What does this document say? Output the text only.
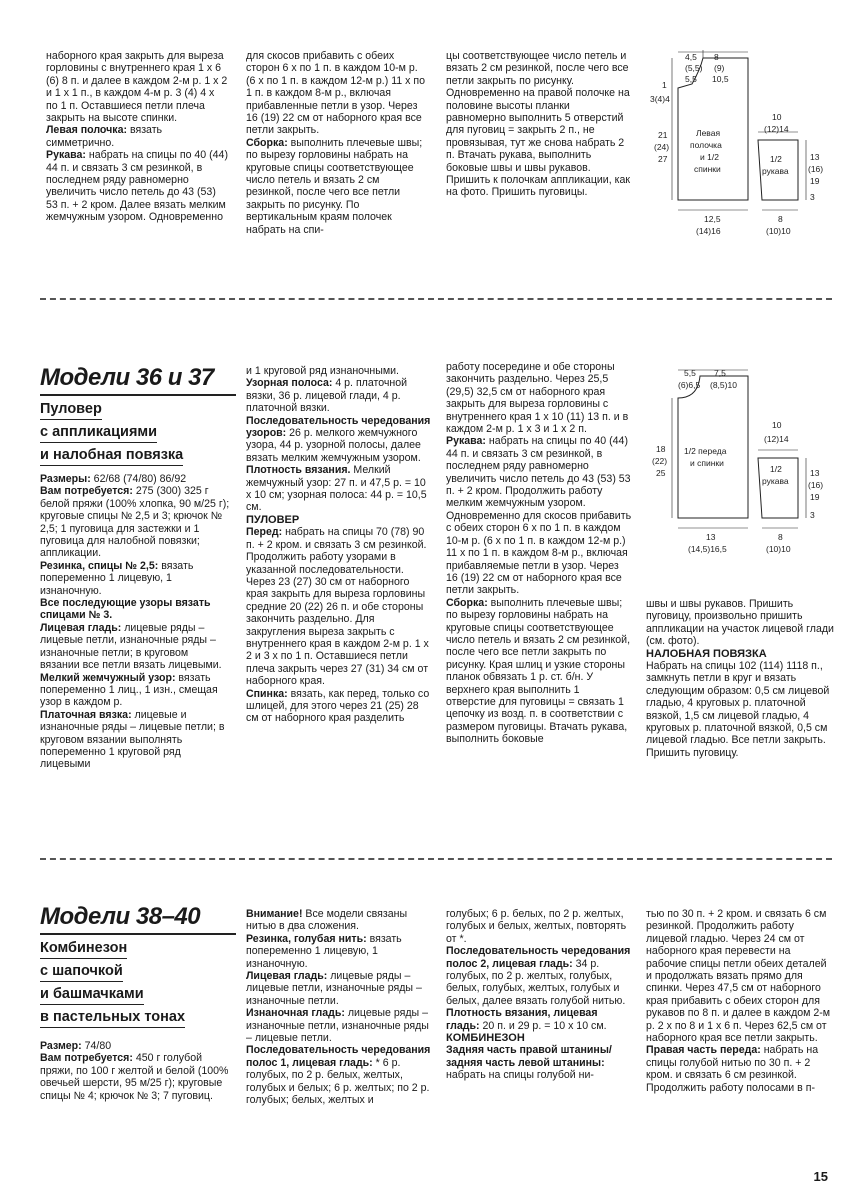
наборного края закрыть для выреза горловины с внутреннего края 1 х 6 (6) 8 п. и далее в каждом 2-м р. 1 х 2 и 1 х 1 п., в каждом 4-м р. 3 (4) 4 х по 1 п. Оставшиеся петли плеча закрыть на высоте спинки.

Левая полочка: вязать симметрично.

Рукава: набрать на спицы по 40 (44) 44 п. и связать 3 см резинкой, в последнем ряду равномерно увеличить число петель до 43 (53) 53 п. + 2 кром. Далее вязать мелким жемчужным узором. Одновременно

для скосов прибавить с обеих сторон 6 х по 1 п. в каждом 10-м р. (6 х по 1 п. в каждом 12-м р.) 11 х по 1 п. в каждом 8-м р., включая прибавленные петли в узор. Через 16 (19) 22 см от наборного края все петли закрыть.

Сборка: выполнить плечевые швы; по вырезу горловины набрать на круговые спицы соответствующее число петель и вязать 2 см резинкой, после чего все петли закрыть по рисунку. По вертикальным краям полочек набрать на спи-

цы соответствующее число петель и вязать 2 см резинкой, после чего все петли закрыть по рисунку. Одновременно на правой полочке на половине высоты планки равномерно выполнить 5 отверстий для пуговиц = закрыть 2 п., не провязывая, тут же снова набрать 2 п. Втачать рукава, выполнить боковые швы и швы рукавов. Пришить к полочкам аппликации, как на фото. Пришить пуговицы.

4,5 8
(5,5) (9)
5,5 10,5
1
3(4)4
21
(24)
27
12,5
(14)16
Левая
полочка
и 1/2
спинки
10
(12)14
1/2
рукава
13
(16)
19
3
8
(10)10
Модели 36 и 37
Пуловер
с аппликациями
и налобная повязка

Размеры: 62/68 (74/80) 86/92

Вам потребуется: 275 (300) 325 г белой пряжи (100% хлопка, 90 м/25 г); круговые спицы № 2,5 и 3; крючок № 2,5; 1 пуговица для застежки и 1 пуговица для налобной повязки; аппликации.

Резинка, спицы № 2,5: вязать попеременно 1 лицевую, 1 изнаночную.

Все последующие узоры вязать спицами № 3.

Лицевая гладь: лицевые ряды – лицевые петли, изнаночные ряды – изнаночные петли; в круговом вязании все петли вязать лицевыми.

Мелкий жемчужный узор: вязать попеременно 1 лиц., 1 изн., смещая узор в каждом р.

Платочная вязка: лицевые и изнаночные ряды – лицевые петли; в круговом вязании выполнять попеременно 1 круговой ряд лицевыми

и 1 круговой ряд изнаночными.

Узорная полоса: 4 р. платочной вязки, 36 р. лицевой глади, 4 р. платочной вязки.

Последовательность чередования узоров: 26 р. мелкого жемчужного узора, 44 р. узорной полосы, далее вязать мелким жемчужным узором.

Плотность вязания. Мелкий жемчужный узор: 27 п. и 47,5 р. = 10 х 10 см; узорная полоса: 44 р. = 10,5 см.

ПУЛОВЕР

Перед: набрать на спицы 70 (78) 90 п. + 2 кром. и связать 3 см резинкой. Продолжить работу узорами в указанной последовательности. Через 23 (27) 30 см от наборного края закрыть для выреза горловины средние 20 (22) 26 п. и обе стороны закончить раздельно. Для закругления выреза закрыть с внутреннего края в каждом 2-м р. 1 х 2 и 3 х по 1 п. Оставшиеся петли плеча закрыть через 27 (31) 34 см от наборного края.

Спинка: вязать, как перед, только со шлицей, для этого через 21 (25) 28 см от наборного края разделить

работу посередине и обе стороны закончить раздельно. Через 25,5 (29,5) 32,5 см от наборного края закрыть для выреза горловины с внутреннего края 1 х 10 (11) 13 п. и в каждом 2-м р. 1 х 3 и 1 х 2 п.

Рукава: набрать на спицы по 40 (44) 44 п. и связать 3 см резинкой, в последнем ряду равномерно увеличить число петель до 43 (53) 53 п. + 2 кром. Продолжить работу мелким жемчужным узором. Одновременно для скосов прибавить с обеих сторон 6 х по 1 п. в каждом 10-м р. (6 х по 1 п. в каждом 12-м р.) 11 х по 1 п. в каждом 8-м р., включая прибавляемые петли в узор. Через 16 (19) 22 см от наборного края все петли закрыть.

Сборка: выполнить плечевые швы; по вырезу горловины набрать на круговые спицы соответствующее число петель и вязать 2 см резинкой, после чего все петли закрыть по рисунку. Края шлиц и узкие стороны планок обвязать 1 р. ст. б/н. У верхнего края выполнить 1 отверстие для пуговицы = связать 1 цепочку из возд. п. в соответствии с размером пуговицы. Втачать рукава, выполнить боковые

швы и швы рукавов. Пришить пуговицу, произвольно пришить аппликации на участок лицевой глади (см. фото).

НАЛОБНАЯ ПОВЯЗКА

Набрать на спицы 102 (114) 1118 п., замкнуть петли в круг и вязать следующим образом: 0,5 см лицевой гладью, 4 круговых р. платочной вязкой, 1,5 см лицевой гладью, 4 круговых р. платочной вязкой, 0,5 см лицевой гладью. Все петли закрыть. Пришить пуговицу.

5,5 7,5
(6)6,5 (8,5)10
18
(22)
25
13
(14,5)16,5
1/2 переда
и спинки
10
(12)14
1/2
рукава
13
(16)
19
3
8
(10)10
Модели 38–40
Комбинезон
с шапочкой
и башмачками
в пастельных тонах

Размер: 74/80

Вам потребуется: 450 г голубой пряжи, по 100 г желтой и белой (100% овечьей шерсти, 95 м/25 г); круговые спицы № 4; крючок № 3; 7 пуговиц.

Внимание! Все модели связаны нитью в два сложения.

Резинка, голубая нить: вязать попеременно 1 лицевую, 1 изнаночную.

Лицевая гладь: лицевые ряды – лицевые петли, изнаночные ряды – изнаночные петли.

Изнаночная гладь: лицевые ряды – изнаночные петли, изнаночные ряды – лицевые петли.

Последовательность чередования полос 1, лицевая гладь: * 6 р. голубых, по 2 р. белых, желтых, голубых и белых; 6 р. желтых; по 2 р. голубых; белых, желтых и

голубых; 6 р. белых, по 2 р. желтых, голубых и белых, желтых, повторять от *.

Последовательность чередования полос 2, лицевая гладь: 34 р. голубых, по 2 р. желтых, голубых, белых, голубых, желтых, голубых и белых, далее вязать голубой нитью.

Плотность вязания, лицевая гладь: 20 п. и 29 р. = 10 х 10 см.

КОМБИНЕЗОН

Задняя часть правой штанины/задняя часть левой штанины: набрать на спицы голубой ни-

тью по 30 п. + 2 кром. и связать 6 см резинкой. Продолжить работу лицевой гладью. Через 24 см от наборного края перевести на рабочие спицы петли обеих деталей и продолжать вязать прямо для спинки. Через 47,5 см от наборного края прибавить с обеих сторон для рукавов по 8 п. и далее в каждом 2-м р. 2 х по 8 и 1 х 6 п. Через 62,5 см от наборного края все петли закрыть.

Правая часть переда: набрать на спицы голубой нитью по 30 п. + 2 кром. и связать 6 см резинкой. Продолжить работу полосами в п-

15
